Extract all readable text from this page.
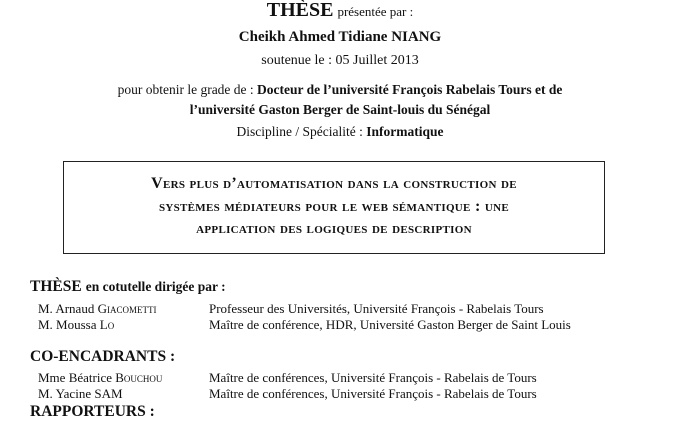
THÈSE présentée par :
Cheikh Ahmed Tidiane NIANG
soutenue le : 05 Juillet 2013
pour obtenir le grade de : Docteur de l’université François Rabelais Tours et de
l’université Gaston Berger de Saint-louis du Sénégal
Discipline / Spécialité : Informatique
Vers plus d’automatisation dans la construction de
systèmes médiateurs pour le web sémantique : une
application des logiques de description
THÈSE en cotutelle dirigée par :
M. Arnaud Giacometti	Professeur des Universités, Université François - Rabelais Tours
M. Moussa Lo	Maître de conférence, HDR, Université Gaston Berger de Saint Louis
CO-ENCADRANTS :
Mme Béatrice Bouchou	Maître de conférences, Université François - Rabelais de Tours
M. Yacine SAM	Maître de conférences, Université François - Rabelais de Tours
RAPPORTEURS :
